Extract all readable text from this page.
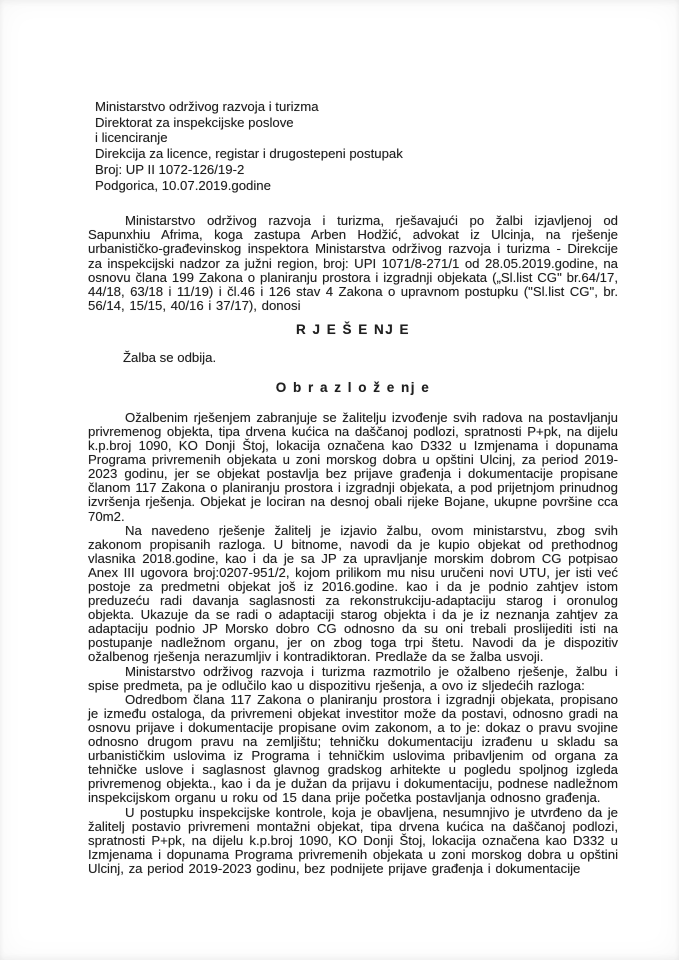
Ministarstvo održivog razvoja i turizma

Direktorat za inspekcijske poslove

i licenciranje

Direkcija za licence, registar i drugostepeni postupak

Broj: UP II 1072-126/19-2

Podgorica, 10.07.2019.godine

Ministarstvo održivog razvoja i turizma, rješavajući po žalbi izjavljenoj od Sapunxhiu Afrima, koga zastupa Arben Hodžić, advokat iz Ulcinja, na rješenje urbanističko-građevinskog inspektora Ministarstva održivog razvoja i turizma - Direkcije za inspekcijski nadzor za južni region, broj: UPI 1071/8-271/1 od 28.05.2019.godine, na osnovu člana 199 Zakona o planiranju prostora i izgradnji objekata („Sl.list CG" br.64/17, 44/18, 63/18 i 11/19) i čl.46 i 126 stav 4 Zakona o upravnom postupku ("Sl.list CG", br. 56/14, 15/15, 40/16 i 37/17), donosi

R J E Š E NJ E

Žalba se odbija.

O b r a z l o ž e nj e

Ožalbenim rješenjem zabranjuje se žalitelju izvođenje svih radova na postavljanju privremenog objekta, tipa drvena kućica na daščanoj podlozi, spratnosti P+pk, na dijelu k.p.broj 1090, KO Donji Štoj, lokacija označena kao D332 u Izmjenama i dopunama Programa privremenih objekata u zoni morskog dobra u opštini Ulcinj, za period 2019-2023 godinu, jer se objekat postavlja bez prijave građenja i dokumentacije propisane članom 117 Zakona o planiranju prostora i izgradnji objekata, a pod prijetnjom prinudnog izvršenja rješenja. Objekat je lociran na desnoj obali rijeke Bojane, ukupne površine cca 70m2.

Na navedeno rješenje žalitelj je izjavio žalbu, ovom ministarstvu, zbog svih zakonom propisanih razloga. U bitnome, navodi da je kupio objekat od prethodnog vlasnika 2018.godine, kao i da je sa JP za upravljanje morskim dobrom CG potpisao Anex III ugovora broj:0207-951/2, kojom prilikom mu nisu uručeni novi UTU, jer isti već postoje za predmetni objekat još iz 2016.godine. kao i da je podnio zahtjev istom preduzeću radi davanja saglasnosti za rekonstrukciju-adaptaciju starog i oronulog objekta. Ukazuje da se radi o adaptaciji starog objekta i da je iz neznanja zahtjev za adaptaciju podnio JP Morsko dobro CG odnosno da su oni trebali proslijediti isti na postupanje nadležnom organu, jer on zbog toga trpi štetu. Navodi da je dispozitiv ožalbenog rješenja nerazumljiv i kontradiktoran. Predlaže da se žalba usvoji.

Ministarstvo održivog razvoja i turizma razmotrilo je ožalbeno rješenje, žalbu i spise predmeta, pa je odlučilo kao u dispozitivu rješenja, a ovo iz sljedećih razloga:

Odredbom člana 117 Zakona o planiranju prostora i izgradnji objekata, propisano je između ostaloga, da privremeni objekat investitor može da postavi, odnosno gradi na osnovu prijave i dokumentacije propisane ovim zakonom, a to je: dokaz o pravu svojine odnosno drugom pravu na zemljištu; tehničku dokumentaciju izrađenu u skladu sa urbanističkim uslovima iz Programa i tehničkim uslovima pribavljenim od organa za tehničke uslove i saglasnost glavnog gradskog arhitekte u pogledu spoljnog izgleda privremenog objekta., kao i da je dužan da prijavu i dokumentaciju, podnese nadležnom inspekcijskom organu u roku od 15 dana prije početka postavljanja odnosno građenja.

U postupku inspekcijske kontrole, koja je obavljena, nesumnjivo je utvrđeno da je žalitelj postavio privremeni montažni objekat, tipa drvena kućica na daščanoj podlozi, spratnosti P+pk, na dijelu k.p.broj 1090, KO Donji Štoj, lokacija označena kao D332 u Izmjenama i dopunama Programa privremenih objekata u zoni morskog dobra u opštini Ulcinj, za period 2019-2023 godinu, bez podnijete prijave građenja i dokumentacije
